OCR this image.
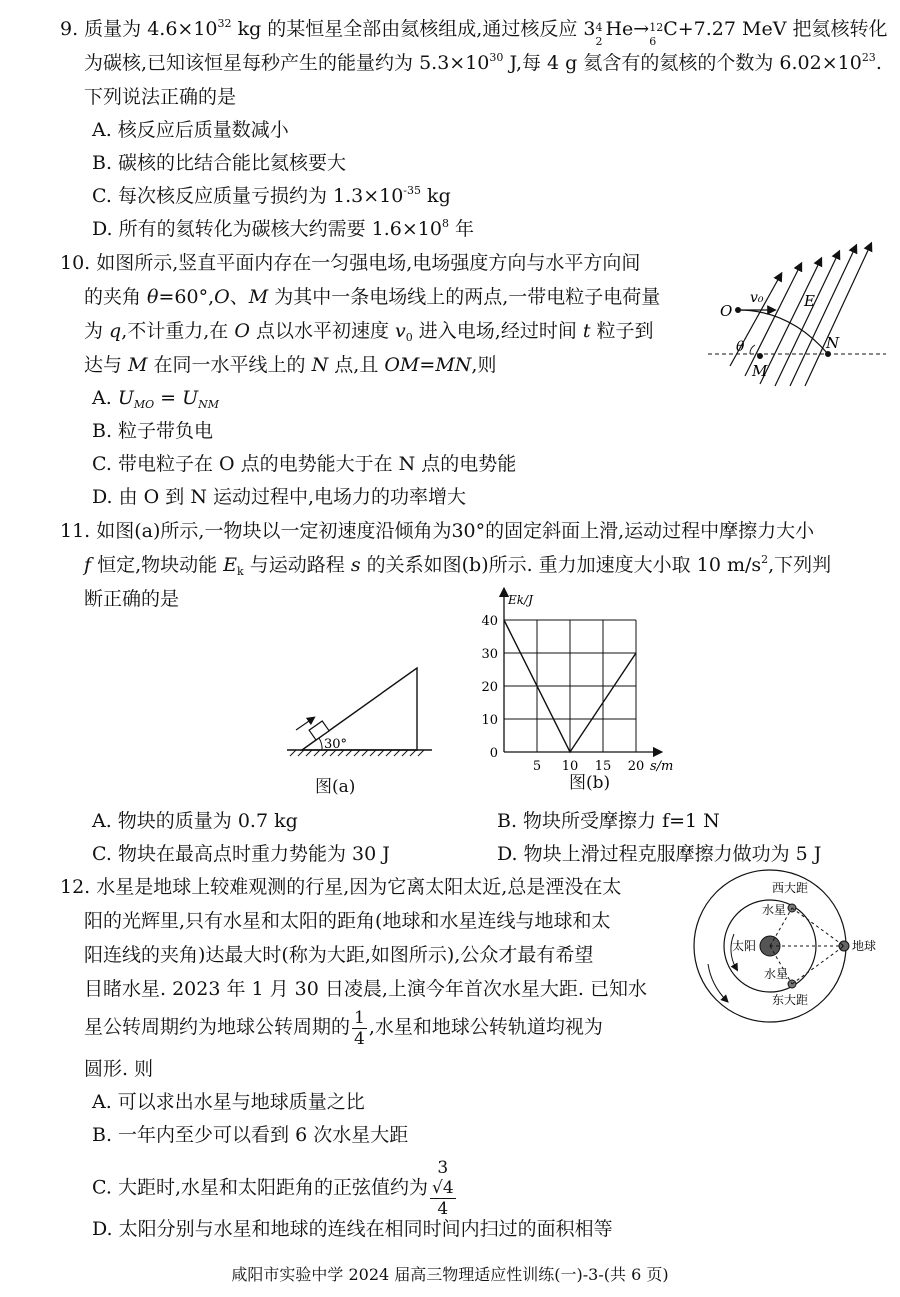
9. 质量为 $4.6\times 10^{32}$ kg 的某恒星全部由氦核组成,通过核反应 3 4
2
He→ 12
6
C+7.27 MeV 把氦核转化
为碳核,已知该恒星每秒产生的能量约为 $5.3\times 10^{30}$ J,每 4 g 氦含有的氦核的个数为 $6.02\times 10^{23}$.
下列说法正确的是
A. 核反应后质量数减小
B. 碳核的比结合能比氦核要大
C. 每次核反应质量亏损约为 $1.3\times 10^{-35}$ kg
D. 所有的氦转化为碳核大约需要 $1.6\times 10^8$ 年
10. 如图所示,竖直平面内存在一匀强电场,电场强度方向与水平方向间
的夹角 θ=60°,O、M 为其中一条电场线上的两点,一带电粒子电荷量
为 q,不计重力,在 O 点以水平初速度 $v_0$ 进入电场,经过时间 t 粒子到
达与 M 在同一水平线上的 N 点,且 OM=MN,则
A. $U_{MO} = U_{NM}$
B. 粒子带负电
C. 带电粒子在 O 点的电势能大于在 N 点的电势能
D. 由 O 到 N 运动过程中,电场力的功率增大
O
v₀	E
θ
M
N
11. 如图(a)所示,一物块以一定初速度沿倾角为30°的固定斜面上滑,运动过程中摩擦力大小
f 恒定,物块动能 $E_k$ 与运动路程 s 的关系如图(b)所示. 重力加速度大小取 10 $m/s^2$,下列判
断正确的是
30°
图(a)
5 10 15 20
10
20
30
40
0
s/m
Ek/J
图(b)
A. 物块的质量为 0.7 kg	B. 物块所受摩擦力 f=1 N
C. 物块在最高点时重力势能为 30 J	D. 物块上滑过程克服摩擦力做功为 5 J
12. 水星是地球上较难观测的行星,因为它离太阳太近,总是湮没在太
阳的光辉里,只有水星和太阳的距角(地球和水星连线与地球和太
阳连线的夹角)达最大时(称为大距,如图所示),公众才最有希望
目睹水星. 2023 年 1 月 30 日凌晨,上演今年首次水星大距. 已知水
星公转周期约为地球公转周期的 $\frac{1}{4}$ ,水星和地球公转轨道均视为
圆形. 则
A. 可以求出水星与地球质量之比
B. 一年内至少可以看到 6 次水星大距
C. 大距时,水星和太阳距角的正弦值约为 3
√4
4
D. 太阳分别与水星和地球的连线在相同时间内扫过的面积相等
西大距
水星
太阳	地球
水星
东大距
咸阳市实验中学 2024 届高三物理适应性训练(一)-3-(共 6 页)
